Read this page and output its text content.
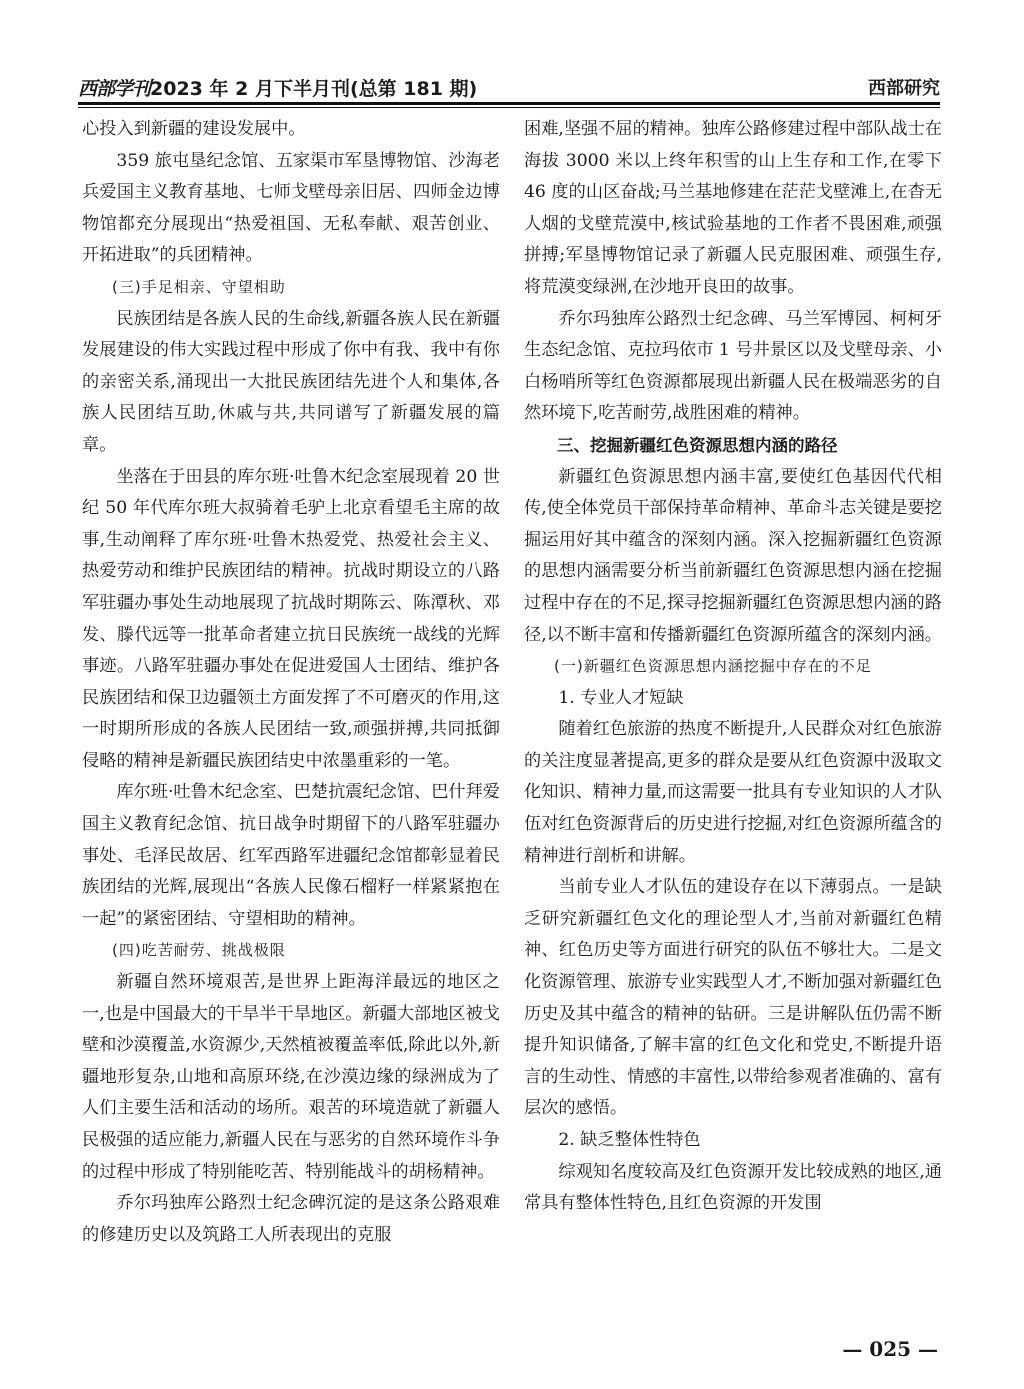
西部学刊2023 年 2 月下半月刊(总第 181 期)	西部研究

心投入到新疆的建设发展中。

359 旅屯垦纪念馆、五家渠市军垦博物馆、沙海老兵爱国主义教育基地、七师戈壁母亲旧居、四师金边博物馆都充分展现出“热爱祖国、无私奉献、艰苦创业、开拓进取”的兵团精神。

(三)手足相亲、守望相助

民族团结是各族人民的生命线,新疆各族人民在新疆发展建设的伟大实践过程中形成了你中有我、我中有你的亲密关系,涌现出一大批民族团结先进个人和集体,各族人民团结互助,休戚与共,共同谱写了新疆发展的篇章。

坐落在于田县的库尔班·吐鲁木纪念室展现着 20 世纪 50 年代库尔班大叔骑着毛驴上北京看望毛主席的故事,生动阐释了库尔班·吐鲁木热爱党、热爱社会主义、热爱劳动和维护民族团结的精神。抗战时期设立的八路军驻疆办事处生动地展现了抗战时期陈云、陈潭秋、邓发、滕代远等一批革命者建立抗日民族统一战线的光辉事迹。八路军驻疆办事处在促进爱国人士团结、维护各民族团结和保卫边疆领土方面发挥了不可磨灭的作用,这一时期所形成的各族人民团结一致,顽强拼搏,共同抵御侵略的精神是新疆民族团结史中浓墨重彩的一笔。

库尔班·吐鲁木纪念室、巴楚抗震纪念馆、巴什拜爱国主义教育纪念馆、抗日战争时期留下的八路军驻疆办事处、毛泽民故居、红军西路军进疆纪念馆都彰显着民族团结的光辉,展现出“各族人民像石榴籽一样紧紧抱在一起”的紧密团结、守望相助的精神。

(四)吃苦耐劳、挑战极限

新疆自然环境艰苦,是世界上距海洋最远的地区之一,也是中国最大的干旱半干旱地区。新疆大部地区被戈壁和沙漠覆盖,水资源少,天然植被覆盖率低,除此以外,新疆地形复杂,山地和高原环绕,在沙漠边缘的绿洲成为了人们主要生活和活动的场所。艰苦的环境造就了新疆人民极强的适应能力,新疆人民在与恶劣的自然环境作斗争的过程中形成了特别能吃苦、特别能战斗的胡杨精神。

乔尔玛独库公路烈士纪念碑沉淀的是这条公路艰难的修建历史以及筑路工人所表现出的克服

困难,坚强不屈的精神。独库公路修建过程中部队战士在海拔 3000 米以上终年积雪的山上生存和工作,在零下 46 度的山区奋战;马兰基地修建在茫茫戈壁滩上,在杳无人烟的戈壁荒漠中,核试验基地的工作者不畏困难,顽强拼搏;军垦博物馆记录了新疆人民克服困难、顽强生存,将荒漠变绿洲,在沙地开良田的故事。

乔尔玛独库公路烈士纪念碑、马兰军博园、柯柯牙生态纪念馆、克拉玛依市 1 号井景区以及戈壁母亲、小白杨哨所等红色资源都展现出新疆人民在极端恶劣的自然环境下,吃苦耐劳,战胜困难的精神。

三、挖掘新疆红色资源思想内涵的路径

新疆红色资源思想内涵丰富,要使红色基因代代相传,使全体党员干部保持革命精神、革命斗志关键是要挖掘运用好其中蕴含的深刻内涵。深入挖掘新疆红色资源的思想内涵需要分析当前新疆红色资源思想内涵在挖掘过程中存在的不足,探寻挖掘新疆红色资源思想内涵的路径,以不断丰富和传播新疆红色资源所蕴含的深刻内涵。

(一)新疆红色资源思想内涵挖掘中存在的不足

1. 专业人才短缺

随着红色旅游的热度不断提升,人民群众对红色旅游的关注度显著提高,更多的群众是要从红色资源中汲取文化知识、精神力量,而这需要一批具有专业知识的人才队伍对红色资源背后的历史进行挖掘,对红色资源所蕴含的精神进行剖析和讲解。

当前专业人才队伍的建设存在以下薄弱点。一是缺乏研究新疆红色文化的理论型人才,当前对新疆红色精神、红色历史等方面进行研究的队伍不够壮大。二是文化资源管理、旅游专业实践型人才,不断加强对新疆红色历史及其中蕴含的精神的钻研。三是讲解队伍仍需不断提升知识储备,了解丰富的红色文化和党史,不断提升语言的生动性、情感的丰富性,以带给参观者准确的、富有层次的感悟。

2. 缺乏整体性特色

综观知名度较高及红色资源开发比较成熟的地区,通常具有整体性特色,且红色资源的开发围

— 025 —
